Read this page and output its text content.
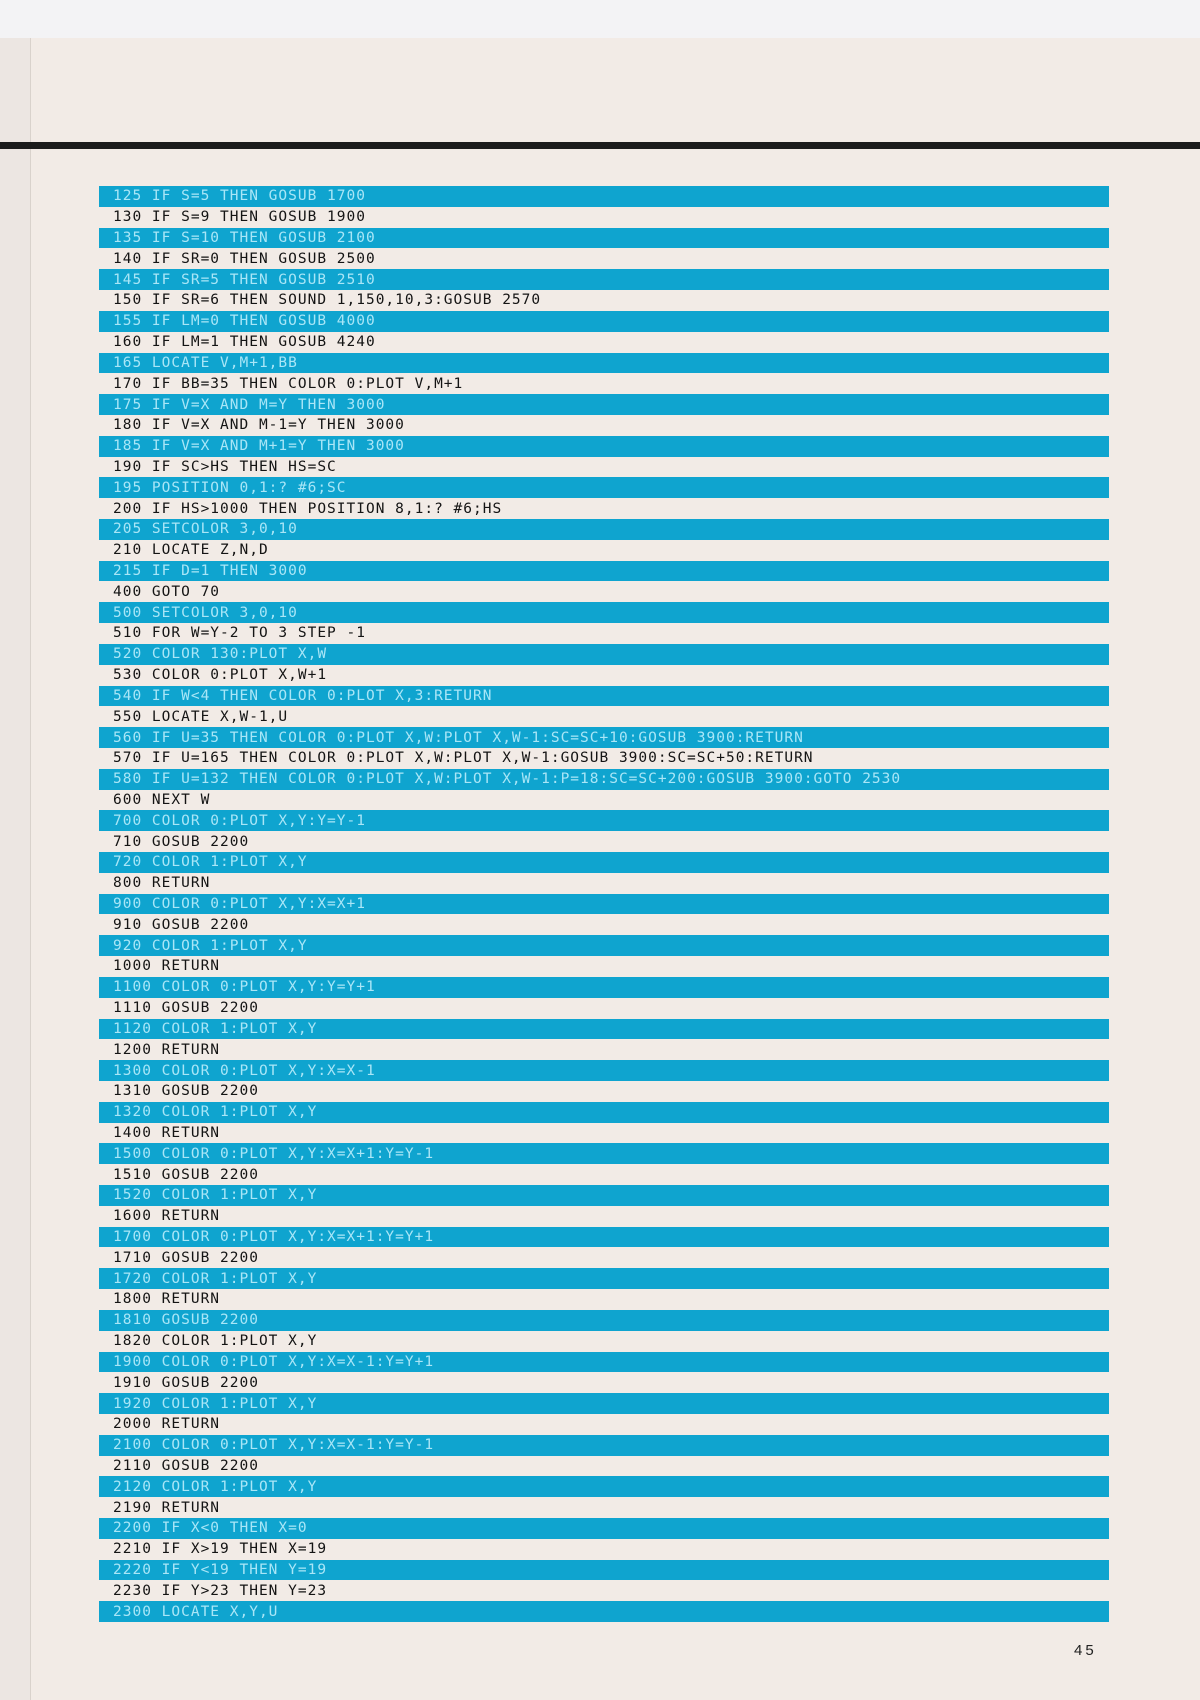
125 IF S=5 THEN GOSUB 1700
130 IF S=9 THEN GOSUB 1900
135 IF S=10 THEN GOSUB 2100
140 IF SR=0 THEN GOSUB 2500
145 IF SR=5 THEN GOSUB 2510
150 IF SR=6 THEN SOUND 1,150,10,3:GOSUB 2570
155 IF LM=0 THEN GOSUB 4000
160 IF LM=1 THEN GOSUB 4240
165 LOCATE V,M+1,BB
170 IF BB=35 THEN COLOR 0:PLOT V,M+1
175 IF V=X AND M=Y THEN 3000
180 IF V=X AND M-1=Y THEN 3000
185 IF V=X AND M+1=Y THEN 3000
190 IF SC>HS THEN HS=SC
195 POSITION 0,1:? #6;SC
200 IF HS>1000 THEN POSITION 8,1:? #6;HS
205 SETCOLOR 3,0,10
210 LOCATE Z,N,D
215 IF D=1 THEN 3000
400 GOTO 70
500 SETCOLOR 3,0,10
510 FOR W=Y-2 TO 3 STEP -1
520 COLOR 130:PLOT X,W
530 COLOR 0:PLOT X,W+1
540 IF W<4 THEN COLOR 0:PLOT X,3:RETURN
550 LOCATE X,W-1,U
560 IF U=35 THEN COLOR 0:PLOT X,W:PLOT X,W-1:SC=SC+10:GOSUB 3900:RETURN
570 IF U=165 THEN COLOR 0:PLOT X,W:PLOT X,W-1:GOSUB 3900:SC=SC+50:RETURN
580 IF U=132 THEN COLOR 0:PLOT X,W:PLOT X,W-1:P=18:SC=SC+200:GOSUB 3900:GOTO 2530
600 NEXT W
700 COLOR 0:PLOT X,Y:Y=Y-1
710 GOSUB 2200
720 COLOR 1:PLOT X,Y
800 RETURN
900 COLOR 0:PLOT X,Y:X=X+1
910 GOSUB 2200
920 COLOR 1:PLOT X,Y
1000 RETURN
1100 COLOR 0:PLOT X,Y:Y=Y+1
1110 GOSUB 2200
1120 COLOR 1:PLOT X,Y
1200 RETURN
1300 COLOR 0:PLOT X,Y:X=X-1
1310 GOSUB 2200
1320 COLOR 1:PLOT X,Y
1400 RETURN
1500 COLOR 0:PLOT X,Y:X=X+1:Y=Y-1
1510 GOSUB 2200
1520 COLOR 1:PLOT X,Y
1600 RETURN
1700 COLOR 0:PLOT X,Y:X=X+1:Y=Y+1
1710 GOSUB 2200
1720 COLOR 1:PLOT X,Y
1800 RETURN
1810 GOSUB 2200
1820 COLOR 1:PLOT X,Y
1900 COLOR 0:PLOT X,Y:X=X-1:Y=Y+1
1910 GOSUB 2200
1920 COLOR 1:PLOT X,Y
2000 RETURN
2100 COLOR 0:PLOT X,Y:X=X-1:Y=Y-1
2110 GOSUB 2200
2120 COLOR 1:PLOT X,Y
2190 RETURN
2200 IF X<0 THEN X=0
2210 IF X>19 THEN X=19
2220 IF Y<19 THEN Y=19
2230 IF Y>23 THEN Y=23
2300 LOCATE X,Y,U
45
